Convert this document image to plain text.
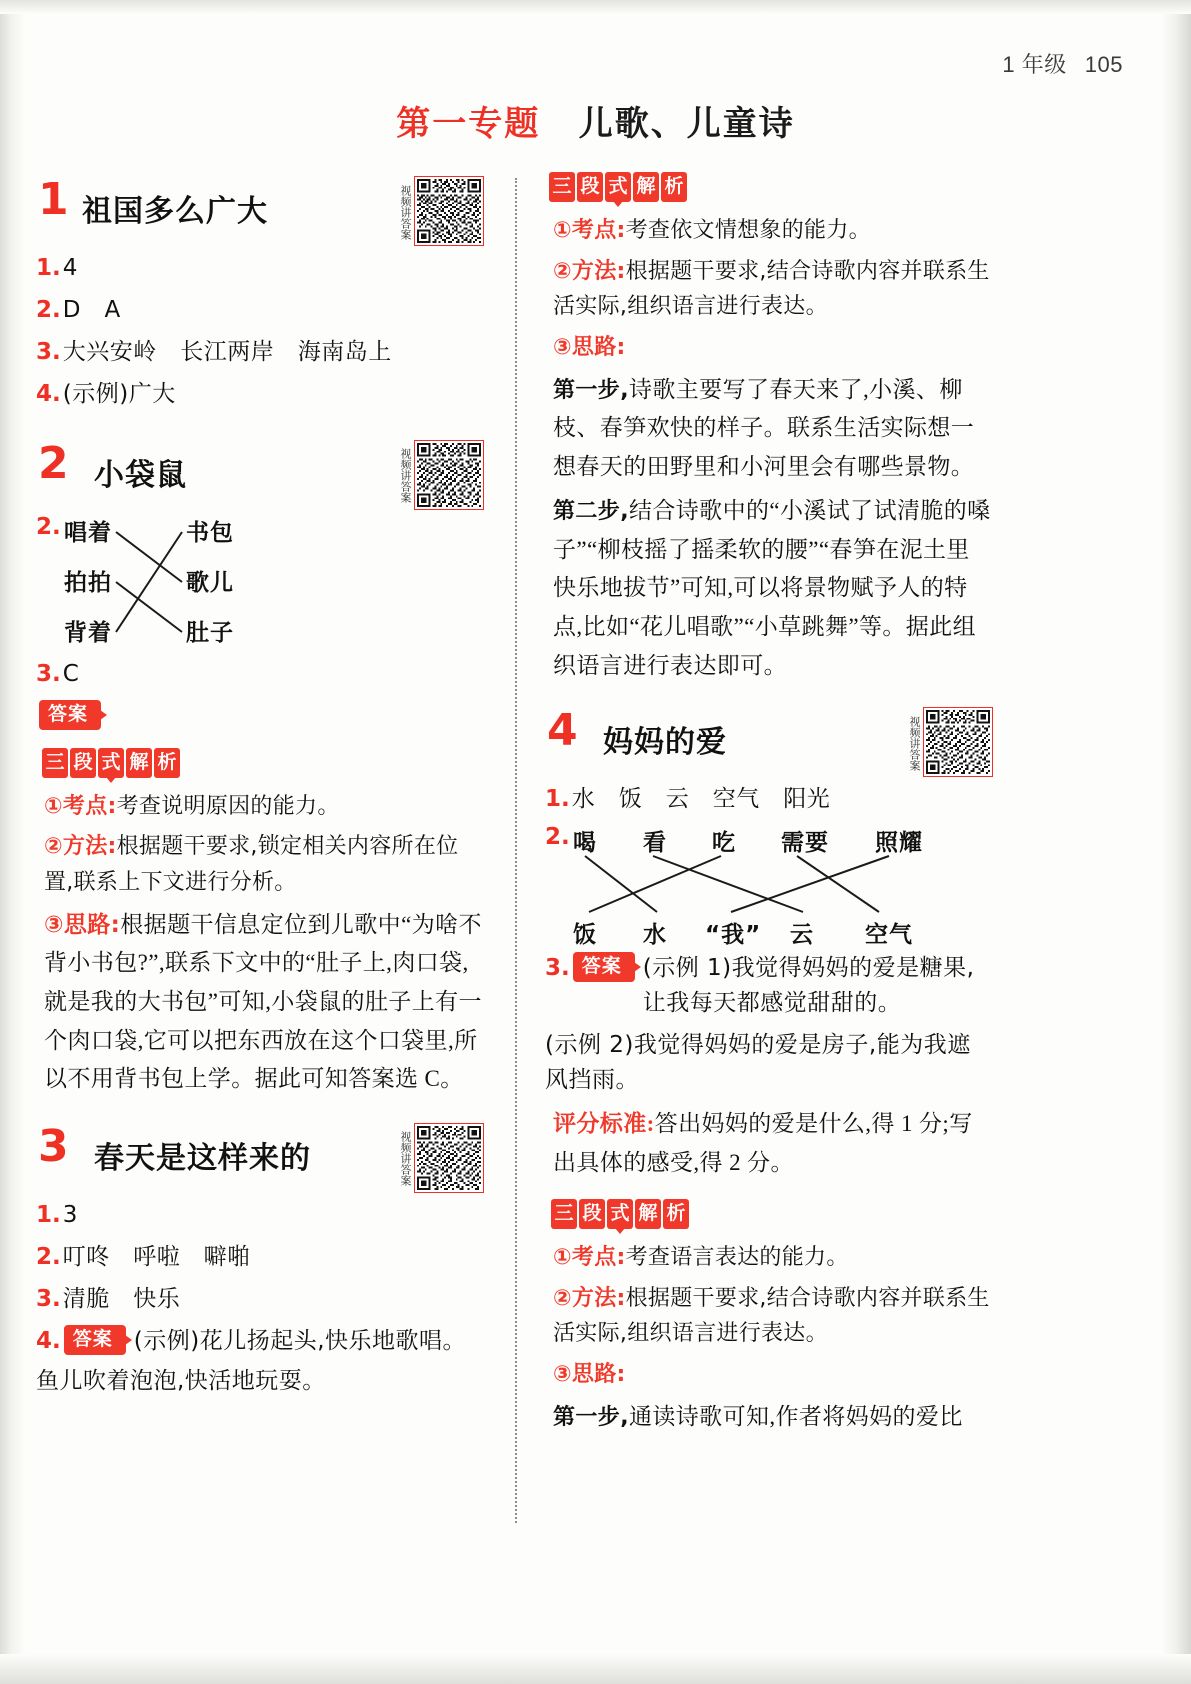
1 年级 105
第一专题 儿歌、儿童诗
1 祖国多么广大	视频讲答案
1. 4
2. D A
3. 大兴安岭 长江两岸 海南岛上
4. (示例)广大
2 小袋鼠	视频讲答案
2. 唱着
拍拍
背着
书包
歌儿
肚子
3. C
答案
三 段 式 解 析
①考点:考查说明原因的能力。
②方法:根据题干要求,锁定相关内容所在位置,联系上下文进行分析。
③思路:根据题干信息定位到儿歌中“为啥不背小书包?”,联系下文中的“肚子上,肉口袋,就是我的大书包”可知,小袋鼠的肚子上有一个肉口袋,它可以把东西放在这个口袋里,所以不用背书包上学。据此可知答案选 C。
3 春天是这样来的	视频讲答案
1. 3
2. 叮咚 呼啦 噼啪
3. 清脆 快乐
4. 答案 (示例)花儿扬起头,快乐地歌唱。
鱼儿吹着泡泡,快活地玩耍。
三 段 式 解 析
①考点:考查依文情想象的能力。
②方法:根据题干要求,结合诗歌内容并联系生活实际,组织语言进行表达。
③思路:
第一步,诗歌主要写了春天来了,小溪、柳枝、春笋欢快的样子。联系生活实际想一想春天的田野里和小河里会有哪些景物。
第二步,结合诗歌中的“小溪试了试清脆的嗓子”“柳枝摇了摇柔软的腰”“春笋在泥土里快乐地拔节”可知,可以将景物赋予人的特点,比如“花儿唱歌”“小草跳舞”等。据此组织语言进行表达即可。
4 妈妈的爱	视频讲答案
1. 水 饭 云 空气 阳光
2. 喝 看 吃 需要 照耀
饭 水 “我” 云 空气
3. 答案 (示例 1)我觉得妈妈的爱是糖果,让我每天都感觉甜甜的。
(示例 2)我觉得妈妈的爱是房子,能为我遮风挡雨。
评分标准:答出妈妈的爱是什么,得 1 分;写出具体的感受,得 2 分。
三 段 式 解 析
①考点:考查语言表达的能力。
②方法:根据题干要求,结合诗歌内容并联系生活实际,组织语言进行表达。
③思路:
第一步,通读诗歌可知,作者将妈妈的爱比
